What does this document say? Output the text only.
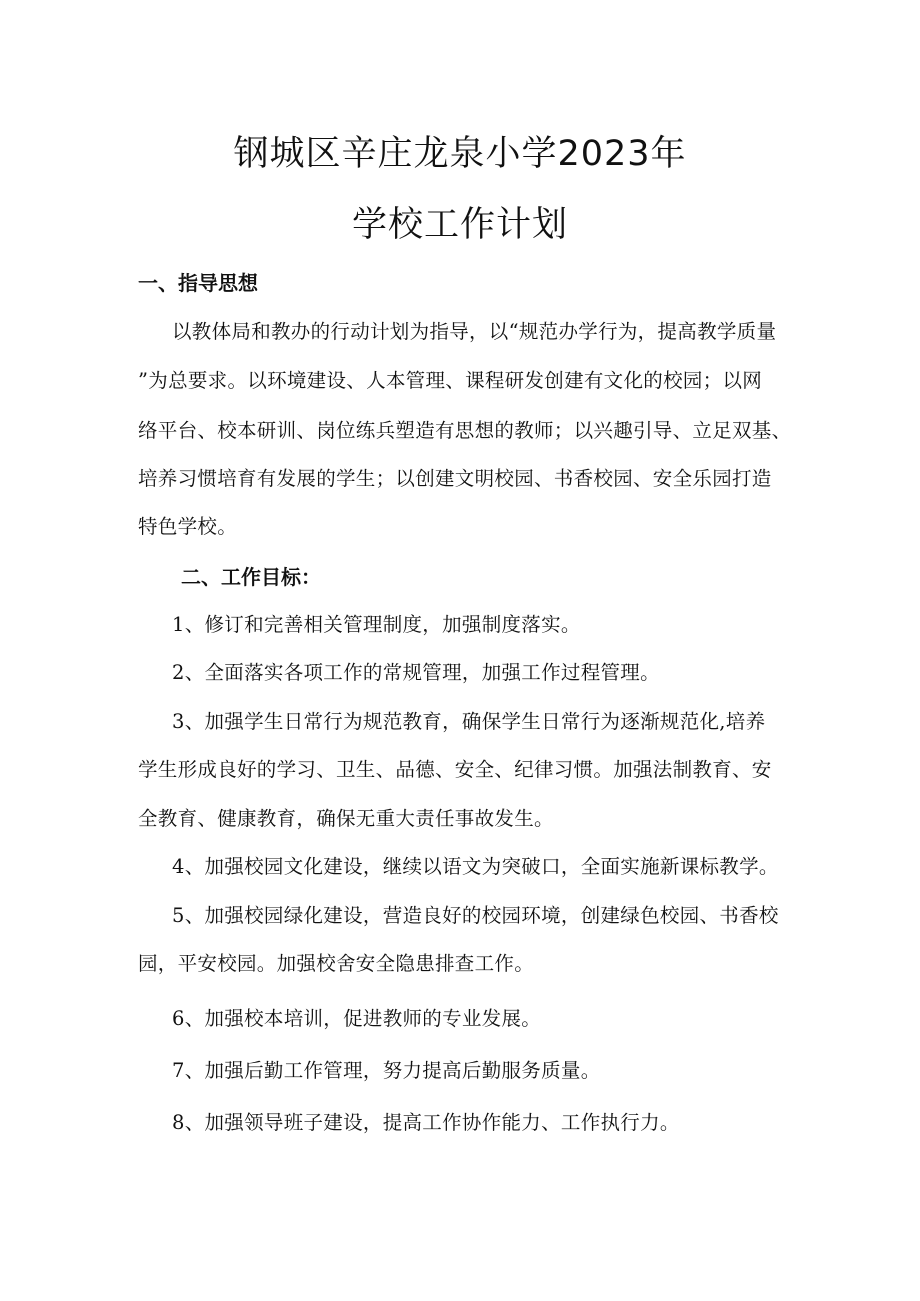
钢城区辛庄龙泉小学2023年
学校工作计划
一、指导思想

以教体局和教办的行动计划为指导，以“规范办学行为，提高教学质量

”为总要求。以环境建设、人本管理、课程研发创建有文化的校园；以网

络平台、校本研训、岗位练兵塑造有思想的教师；以兴趣引导、立足双基、

培养习惯培育有发展的学生；以创建文明校园、书香校园、安全乐园打造

特色学校。

二、工作目标：

1、修订和完善相关管理制度，加强制度落实。

2、全面落实各项工作的常规管理，加强工作过程管理。

3、加强学生日常行为规范教育，确保学生日常行为逐渐规范化,培养

学生形成良好的学习、卫生、品德、安全、纪律习惯。加强法制教育、安

全教育、健康教育，确保无重大责任事故发生。

4、加强校园文化建设，继续以语文为突破口，全面实施新课标教学。

5、加强校园绿化建设，营造良好的校园环境，创建绿色校园、书香校

园，平安校园。加强校舍安全隐患排查工作。

6、加强校本培训，促进教师的专业发展。

7、加强后勤工作管理，努力提高后勤服务质量。

8、加强领导班子建设，提高工作协作能力、工作执行力。
